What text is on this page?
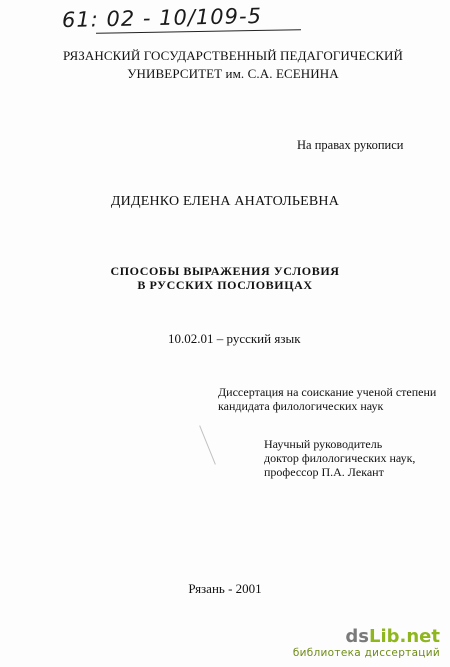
61: 02 - 10/109-5
РЯЗАНСКИЙ ГОСУДАРСТВЕННЫЙ ПЕДАГОГИЧЕСКИЙ
УНИВЕРСИТЕТ им. С.А. ЕСЕНИНА
На правах рукописи
ДИДЕНКО ЕЛЕНА АНАТОЛЬЕВНА
СПОСОБЫ ВЫРАЖЕНИЯ УСЛОВИЯ
В РУССКИХ ПОСЛОВИЦАХ
10.02.01 – русский язык
Диссертация на соискание ученой степени
кандидата филологических наук
Научный руководитель
доктор филологических наук,
профессор П.А. Лекант
Рязань - 2001
dsLib.net
библиотека диссертаций
